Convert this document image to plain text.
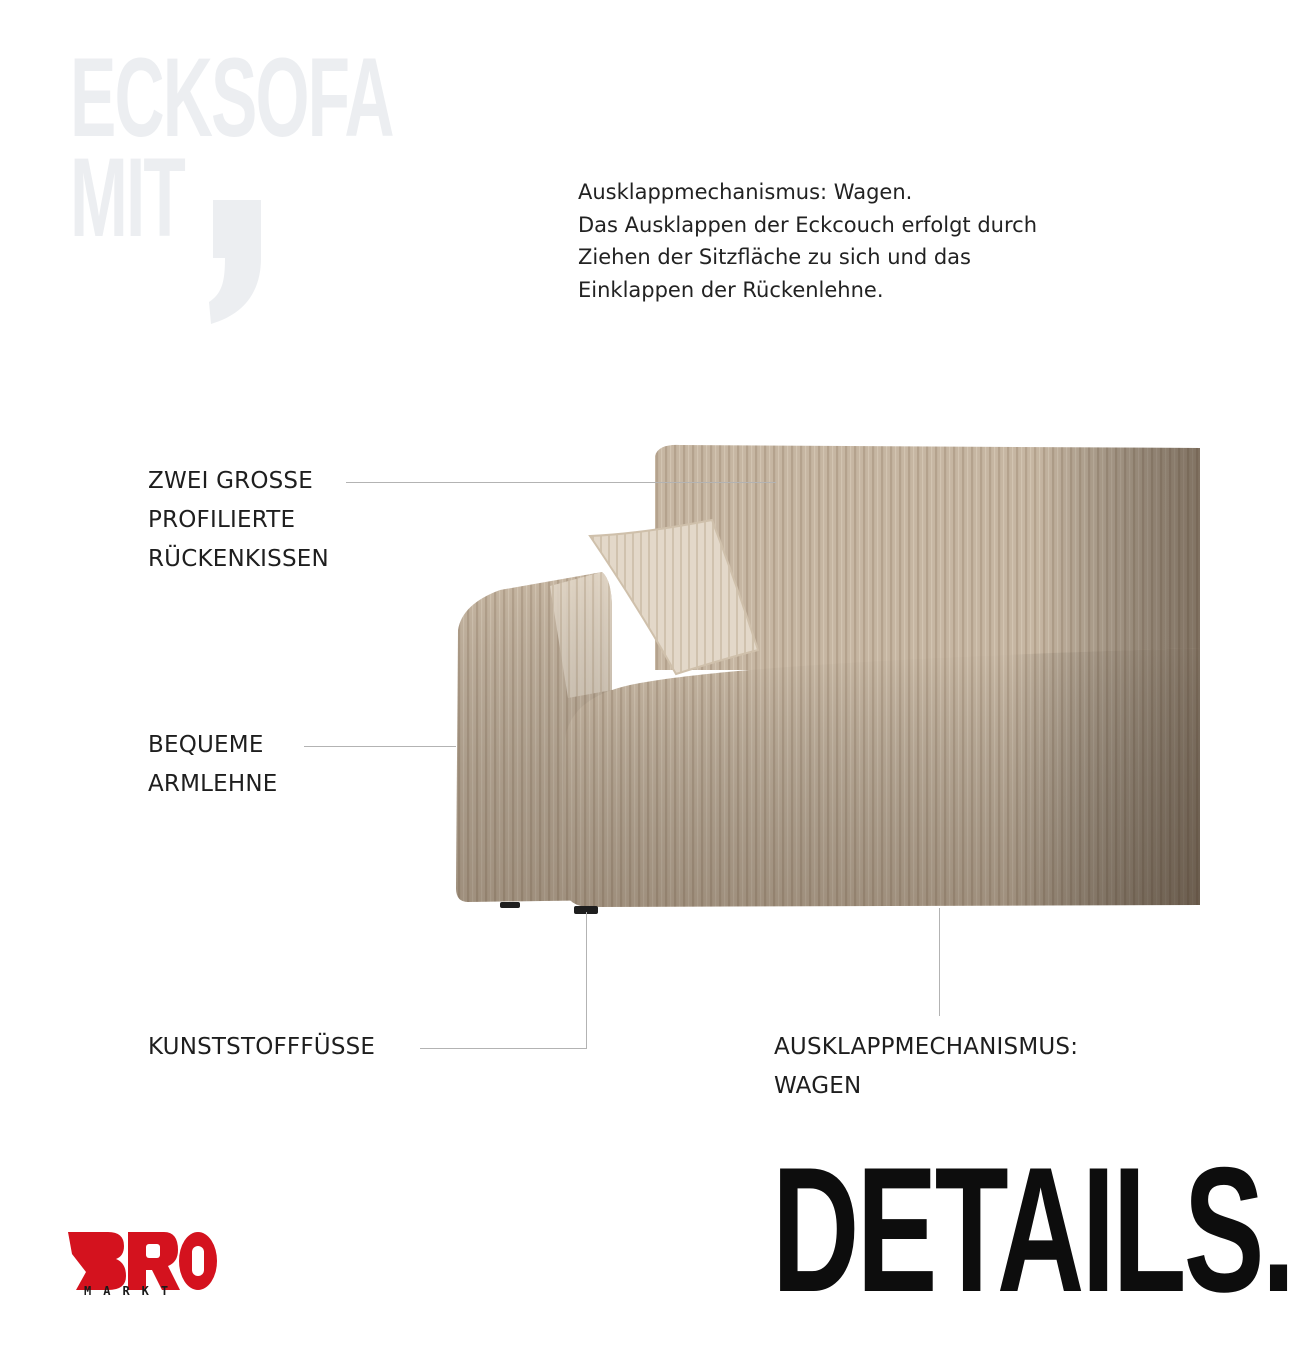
ECKSOFA
MIT	Ausklappmechanismus: Wagen.
Das Ausklappen der Eckcouch erfolgt durch
Ziehen der Sitzfläche zu sich und das
Einklappen der Rückenlehne.
ZWEI GROSSE
PROFILIERTE
RÜCKENKISSEN
BEQUEME
ARMLEHNE
KUNSTSTOFFFÜSSE	AUSKLAPPMECHANISMUS:
WAGEN
MARKT	DETAILS.
